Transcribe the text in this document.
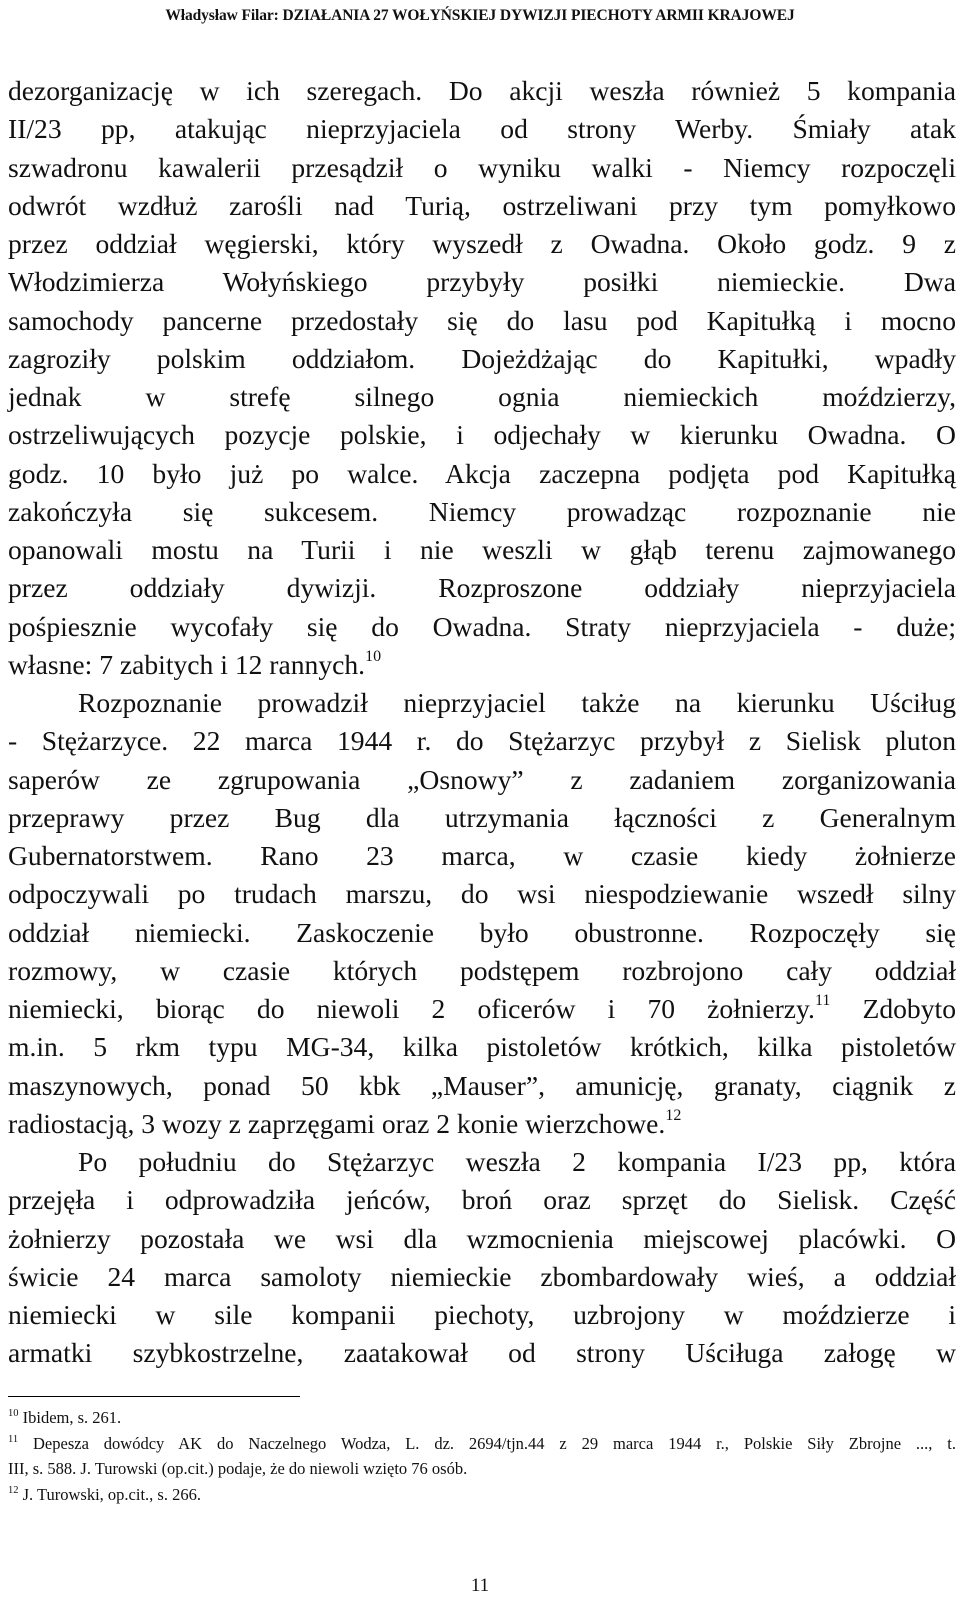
Władysław Filar: DZIAŁANIA 27 WOŁYŃSKIEJ DYWIZJI PIECHOTY ARMII KRAJOWEJ
dezorganizację w ich szeregach. Do akcji weszła również 5 kompania
II/23 pp, atakując nieprzyjaciela od strony Werby. Śmiały atak
szwadronu kawalerii przesądził o wyniku walki - Niemcy rozpoczęli
odwrót wzdłuż zarośli nad Turią, ostrzeliwani przy tym pomyłkowo
przez oddział węgierski, który wyszedł z Owadna. Około godz. 9 z
Włodzimierza Wołyńskiego przybyły posiłki niemieckie. Dwa
samochody pancerne przedostały się do lasu pod Kapitułką i mocno
zagroziły polskim oddziałom. Dojeżdżając do Kapitułki, wpadły
jednak w strefę silnego ognia niemieckich moździerzy,
ostrzeliwujących pozycje polskie, i odjechały w kierunku Owadna. O
godz. 10 było już po walce. Akcja zaczepna podjęta pod Kapitułką
zakończyła się sukcesem. Niemcy prowadząc rozpoznanie nie
opanowali mostu na Turii i nie weszli w głąb terenu zajmowanego
przez oddziały dywizji. Rozproszone oddziały nieprzyjaciela
pośpiesznie wycofały się do Owadna. Straty nieprzyjaciela - duże;
własne: 7 zabitych i 12 rannych.$^{10}$
Rozpoznanie prowadził nieprzyjaciel także na kierunku Uściług
- Stężarzyce. 22 marca 1944 r. do Stężarzyc przybył z Sielisk pluton
saperów ze zgrupowania „Osnowy” z zadaniem zorganizowania
przeprawy przez Bug dla utrzymania łączności z Generalnym
Gubernatorstwem. Rano 23 marca, w czasie kiedy żołnierze
odpoczywali po trudach marszu, do wsi niespodziewanie wszedł silny
oddział niemiecki. Zaskoczenie było obustronne. Rozpoczęły się
rozmowy, w czasie których podstępem rozbrojono cały oddział
niemiecki, biorąc do niewoli 2 oficerów i 70 żołnierzy.$^{11}$ Zdobyto
m.in. 5 rkm typu MG-34, kilka pistoletów krótkich, kilka pistoletów
maszynowych, ponad 50 kbk „Mauser”, amunicję, granaty, ciągnik z
radiostacją, 3 wozy z zaprzęgami oraz 2 konie wierzchowe.$^{12}$
Po południu do Stężarzyc weszła 2 kompania I/23 pp, która
przejęła i odprowadziła jeńców, broń oraz sprzęt do Sielisk. Część
żołnierzy pozostała we wsi dla wzmocnienia miejscowej placówki. O
świcie 24 marca samoloty niemieckie zbombardowały wieś, a oddział
niemiecki w sile kompanii piechoty, uzbrojony w moździerze i
armatki szybkostrzelne, zaatakował od strony Uściługa załogę w
$^{10}$ Ibidem, s. 261.
$^{11}$ Depesza dowódcy AK do Naczelnego Wodza, L. dz. 2694/tjn.44 z 29 marca 1944 r., Polskie Siły Zbrojne ..., t.
III, s. 588. J. Turowski (op.cit.) podaje, że do niewoli wzięto 76 osób.
$^{12}$ J. Turowski, op.cit., s. 266.
11
